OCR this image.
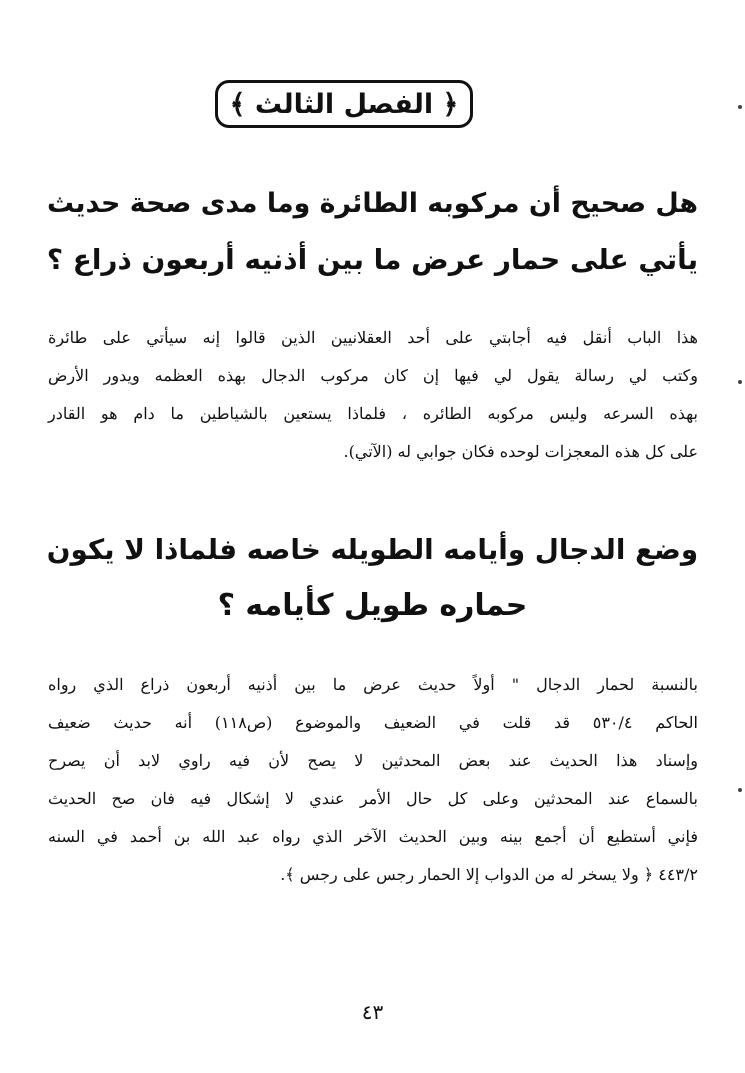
﴿ الفصل الثالث ﴾
هل صحيح أن مركوبه الطائرة وما مدى صحة حديث
يأتي على حمار عرض ما بين أذنيه أربعون ذراع ؟
هذا الباب أنقل فيه أجابتي على أحد العقلانيين الذين قالوا إنه سيأتي على طائرة
وكتب لي رسالة يقول لي فيها إن كان مركوب الدجال بهذه العظمه ويدور الأرض
بهذه السرعه وليس مركوبه الطائره ، فلماذا يستعين بالشياطين ما دام هو القادر
على كل هذه المعجزات لوحده فكان جوابي له (الآتي).
وضع الدجال وأيامه الطويله خاصه فلماذا لا يكون
حماره طويل كأيامه ؟
بالنسبة لحمار الدجال " أولاً حديث عرض ما بين أذنيه أربعون ذراع الذي رواه
الحاكم ٥٣٠/٤ قد قلت في الضعيف والموضوع (ص١١٨) أنه حديث ضعيف
وإسناد هذا الحديث عند بعض المحدثين لا يصح لأن فيه راوي لابد أن يصرح
بالسماع عند المحدثين وعلى كل حال الأمر عندي لا إشكال فيه فان صح الحديث
فإني أستطيع أن أجمع بينه وبين الحديث الآخر الذي رواه عبد الله بن أحمد في السنه
٤٤٣/٢ ﴿ ولا يسخر له من الدواب إلا الحمار رجس على رجس ﴾.
٤٣
